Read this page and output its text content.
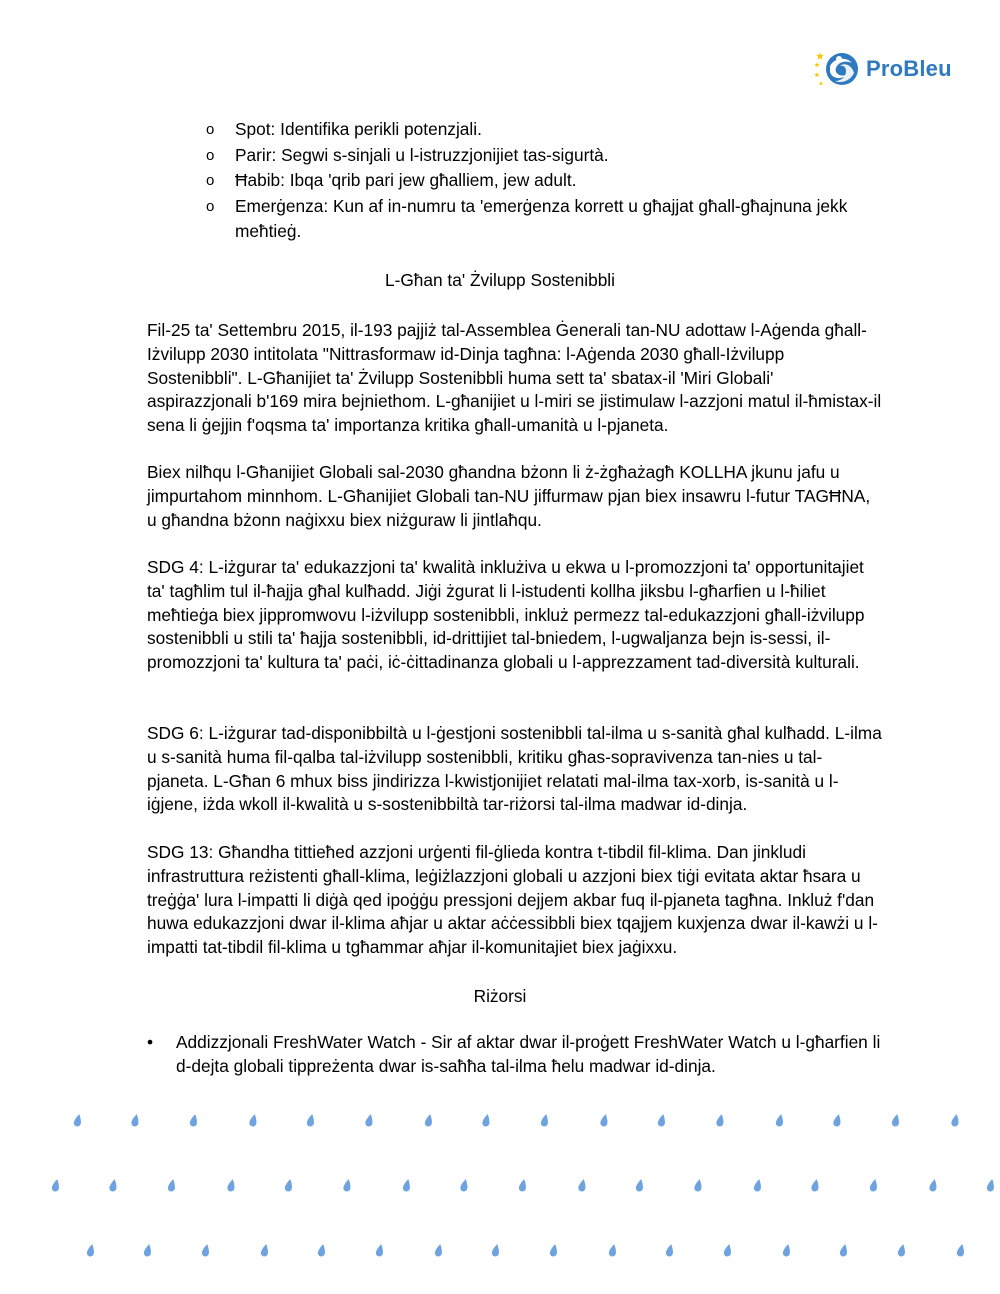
ProBleu
o Spot: Identifika perikli potenzjali.
o Parir: Segwi s-sinjali u l-istruzzjonijiet tas-sigurtà.
o Ħabib: Ibqa 'qrib pari jew għalliem, jew adult.
o Emerġenza: Kun af in-numru ta 'emerġenza korrett u għajjat għall-għajnuna jekk meħtieġ.
L-Għan ta' Żvilupp Sostenibbli

Fil-25 ta' Settembru 2015, il-193 pajjiż tal-Assemblea Ġenerali tan-NU adottaw l-Aġenda għall-Iżvilupp 2030 intitolata "Nittrasformaw id-Dinja tagħna: l-Aġenda 2030 għall-Iżvilupp Sostenibbli". L-Għanijiet ta' Żvilupp Sostenibbli huma sett ta' sbatax-il 'Miri Globali' aspirazzjonali b'169 mira bejniethom. L-għanijiet u l-miri se jistimulaw l-azzjoni matul il-ħmistax-il sena li ġejjin f'oqsma ta' importanza kritika għall-umanità u l-pjaneta.

Biex nilħqu l-Għanijiet Globali sal-2030 għandna bżonn li ż-żgħażagħ KOLLHA jkunu jafu u jimpurtahom minnhom. L-Għanijiet Globali tan-NU jiffurmaw pjan biex insawru l-futur TAGĦNA, u għandna bżonn naġixxu biex niżguraw li jintlaħqu.

SDG 4: L-iżgurar ta' edukazzjoni ta' kwalità inklużiva u ekwa u l-promozzjoni ta' opportunitajiet ta' tagħlim tul il-ħajja għal kulħadd. Jiġi żgurat li l-istudenti kollha jiksbu l-għarfien u l-ħiliet meħtieġa biex jippromwovu l-iżvilupp sostenibbli, inkluż permezz tal-edukazzjoni għall-iżvilupp sostenibbli u stili ta' ħajja sostenibbli, id-drittijiet tal-bniedem, l-ugwaljanza bejn is-sessi, il-promozzjoni ta' kultura ta' paċi, iċ-ċittadinanza globali u l-apprezzament tad-diversità kulturali.

SDG 6: L-iżgurar tad-disponibbiltà u l-ġestjoni sostenibbli tal-ilma u s-sanità għal kulħadd. L-ilma u s-sanità huma fil-qalba tal-iżvilupp sostenibbli, kritiku għas-sopravivenza tan-nies u tal-pjaneta. L-Għan 6 mhux biss jindirizza l-kwistjonijiet relatati mal-ilma tax-xorb, is-sanità u l-iġjene, iżda wkoll il-kwalità u s-sostenibbiltà tar-riżorsi tal-ilma madwar id-dinja.

SDG 13: Għandha tittieħed azzjoni urġenti fil-ġlieda kontra t-tibdil fil-klima. Dan jinkludi infrastruttura reżistenti għall-klima, leġiżlazzjoni globali u azzjoni biex tiġi evitata aktar ħsara u treġġa' lura l-impatti li diġà qed ipoġġu pressjoni dejjem akbar fuq il-pjaneta tagħna. Inkluż f'dan huwa edukazzjoni dwar il-klima aħjar u aktar aċċessibbli biex tqajjem kuxjenza dwar il-kawżi u l-impatti tat-tibdil fil-klima u tgħammar aħjar il-komunitajiet biex jaġixxu.

Riżorsi
• Addizzjonali FreshWater Watch - Sir af aktar dwar il-proġett FreshWater Watch u l-għarfien li d-dejta globali tippreżenta dwar is-saħħa tal-ilma ħelu madwar id-dinja.
